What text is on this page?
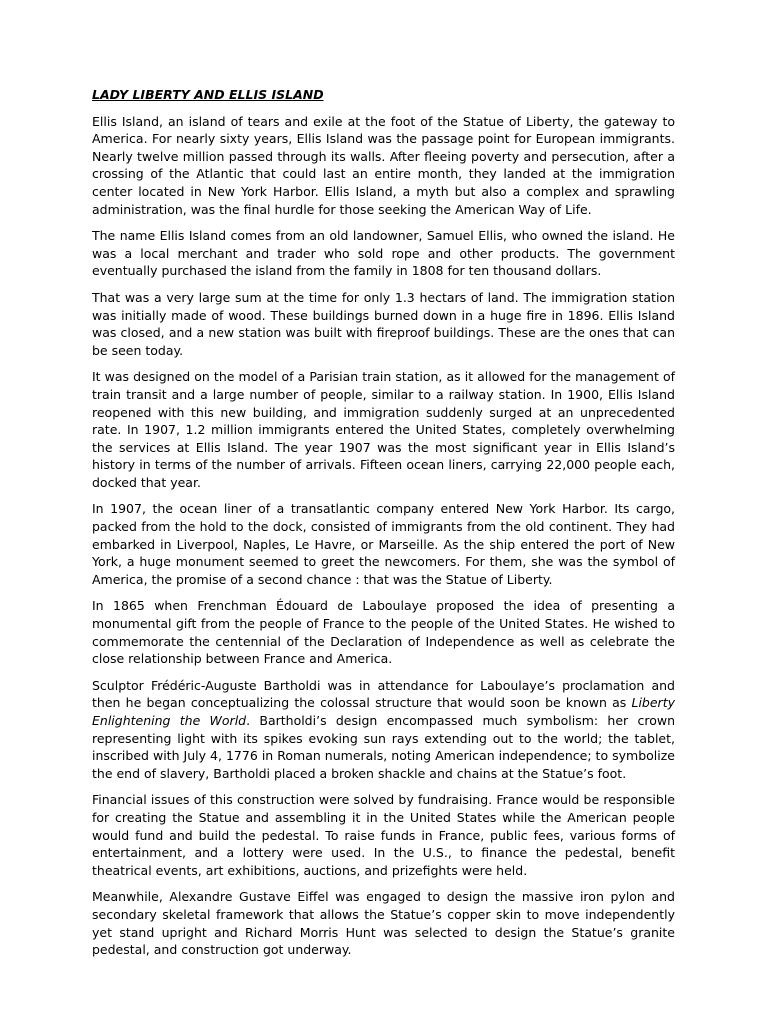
LADY LIBERTY AND ELLIS ISLAND

Ellis Island, an island of tears and exile at the foot of the Statue of Liberty, the gateway to America. For nearly sixty years, Ellis Island was the passage point for European immigrants. Nearly twelve million passed through its walls. After fleeing poverty and persecution, after a crossing of the Atlantic that could last an entire month, they landed at the immigration center located in New York Harbor. Ellis Island, a myth but also a complex and sprawling administration, was the final hurdle for those seeking the American Way of Life.

The name Ellis Island comes from an old landowner, Samuel Ellis, who owned the island. He was a local merchant and trader who sold rope and other products. The government eventually purchased the island from the family in 1808 for ten thousand dollars.

That was a very large sum at the time for only 1.3 hectars of land. The immigration station was initially made of wood. These buildings burned down in a huge fire in 1896. Ellis Island was closed, and a new station was built with fireproof buildings. These are the ones that can be seen today.

It was designed on the model of a Parisian train station, as it allowed for the management of train transit and a large number of people, similar to a railway station. In 1900, Ellis Island reopened with this new building, and immigration suddenly surged at an unprecedented rate. In 1907, 1.2 million immigrants entered the United States, completely overwhelming the services at Ellis Island. The year 1907 was the most significant year in Ellis Island’s history in terms of the number of arrivals. Fifteen ocean liners, carrying 22,000 people each, docked that year.

In 1907, the ocean liner of a transatlantic company entered New York Harbor. Its cargo, packed from the hold to the dock, consisted of immigrants from the old continent. They had embarked in Liverpool, Naples, Le Havre, or Marseille. As the ship entered the port of New York, a huge monument seemed to greet the newcomers. For them, she was the symbol of America, the promise of a second chance : that was the Statue of Liberty.

In 1865 when Frenchman Édouard de Laboulaye proposed the idea of presenting a monumental gift from the people of France to the people of the United States. He wished to commemorate the centennial of the Declaration of Independence as well as celebrate the close relationship between France and America.

Sculptor Frédéric-Auguste Bartholdi was in attendance for Laboulaye’s proclamation and then he began conceptualizing the colossal structure that would soon be known as Liberty Enlightening the World. Bartholdi’s design encompassed much symbolism: her crown representing light with its spikes evoking sun rays extending out to the world; the tablet, inscribed with July 4, 1776 in Roman numerals, noting American independence; to symbolize the end of slavery, Bartholdi placed a broken shackle and chains at the Statue’s foot.

Financial issues of this construction were solved by fundraising. France would be responsible for creating the Statue and assembling it in the United States while the American people would fund and build the pedestal. To raise funds in France, public fees, various forms of entertainment, and a lottery were used. In the U.S., to finance the pedestal, benefit theatrical events, art exhibitions, auctions, and prizefights were held.

Meanwhile, Alexandre Gustave Eiffel was engaged to design the massive iron pylon and secondary skeletal framework that allows the Statue’s copper skin to move independently yet stand upright and Richard Morris Hunt was selected to design the Statue’s granite pedestal, and construction got underway.
